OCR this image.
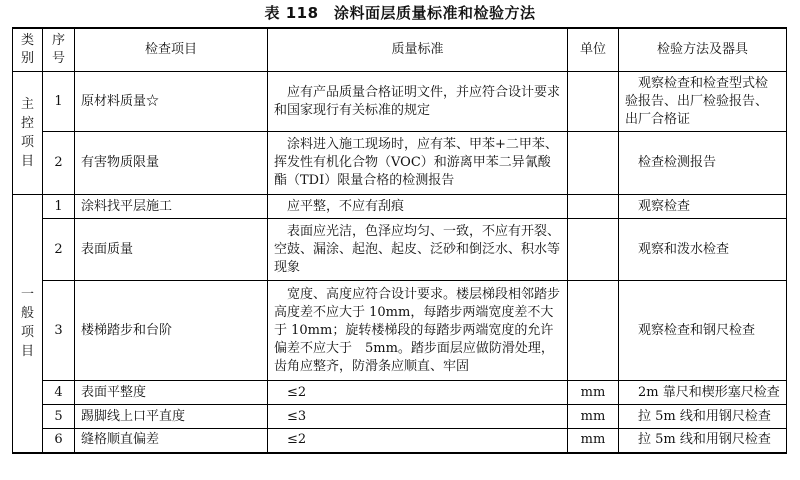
表 118　涂料面层质量标准和检验方法
类
别	序
号	检查项目	质量标准	单位	检验方法及器具
主
控
项
目	1	原材料质量☆	应有产品质量合格证明文件，并应符合设计要求和国家现行有关标准的规定		观察检查和检查型式检验报告、出厂检验报告、出厂合格证
	2	有害物质限量	涂料进入施工现场时，应有苯、甲苯+二甲苯、挥发性有机化合物（VOC）和游离甲苯二异氰酸酯（TDI）限量合格的检测报告		检查检测报告
一
般
项
目	1	涂料找平层施工	应平整，不应有刮痕		观察检查
	2	表面质量	表面应光洁，色泽应均匀、一致，不应有开裂、空鼓、漏涂、起泡、起皮、泛砂和倒泛水、积水等现象		观察和泼水检查
	3	楼梯踏步和台阶	宽度、高度应符合设计要求。楼层梯段相邻踏步高度差不应大于 10mm，每踏步两端宽度差不大于 10mm；旋转楼梯段的每踏步两端宽度的允许偏差不应大于　5mm。踏步面层应做防滑处理，齿角应整齐，防滑条应顺直、牢固		观察检查和钢尺检查
	4	表面平整度	≤2	mm	2m 靠尺和楔形塞尺检查
	5	踢脚线上口平直度	≤3	mm	拉 5m 线和用钢尺检查
	6	缝格顺直偏差	≤2	mm	拉 5m 线和用钢尺检查
